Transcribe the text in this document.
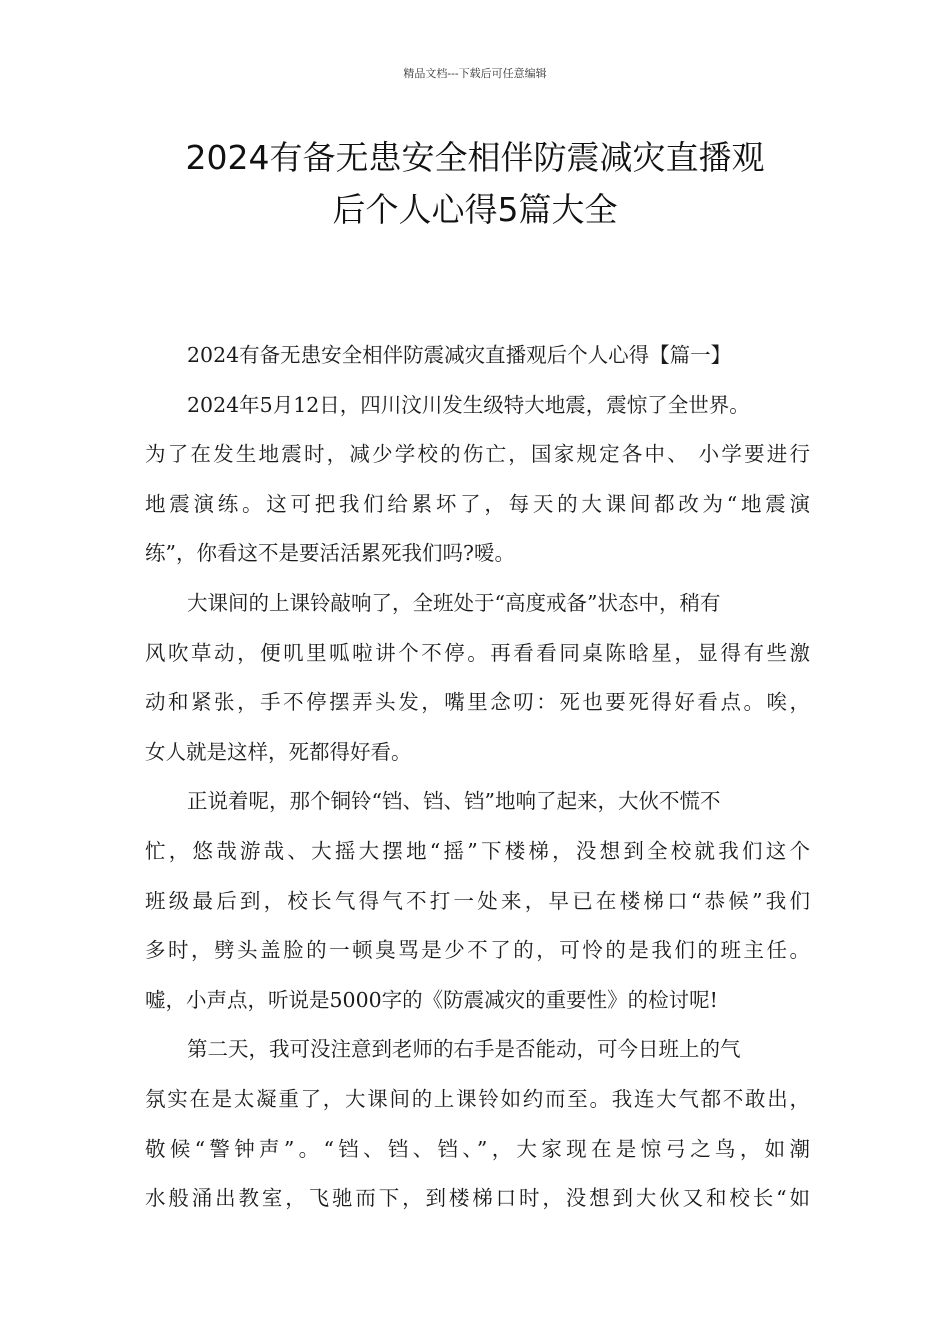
精品文档---下载后可任意编辑
2024有备无患安全相伴防震减灾直播观
后个人心得5篇大全
2024有备无患安全相伴防震减灾直播观后个人心得【篇一】
2024年5月12日，四川汶川发生级特大地震，震惊了全世界。
为了在发生地震时，减少学校的伤亡，国家规定各中、 小学要进行
地震演练。这可把我们给累坏了，每天的大课间都改为“地震演
练”，你看这不是要活活累死我们吗?嗳。
大课间的上课铃敲响了，全班处于“高度戒备”状态中，稍有
风吹草动，便叽里呱啦讲个不停。再看看同桌陈晗星，显得有些激
动和紧张，手不停摆弄头发，嘴里念叨：死也要死得好看点。唉，
女人就是这样，死都得好看。
正说着呢，那个铜铃“铛、铛、铛”地响了起来，大伙不慌不
忙，悠哉游哉、大摇大摆地“摇”下楼梯，没想到全校就我们这个
班级最后到，校长气得气不打一处来，早已在楼梯口“恭候”我们
多时，劈头盖脸的一顿臭骂是少不了的，可怜的是我们的班主任。
嘘，小声点，听说是5000字的《防震减灾的重要性》的检讨呢!
第二天，我可没注意到老师的右手是否能动，可今日班上的气
氛实在是太凝重了，大课间的上课铃如约而至。我连大气都不敢出，
敬候“警钟声”。“铛、铛、铛、”，大家现在是惊弓之鸟，如潮
水般涌出教室，飞驰而下，到楼梯口时，没想到大伙又和校长“如
